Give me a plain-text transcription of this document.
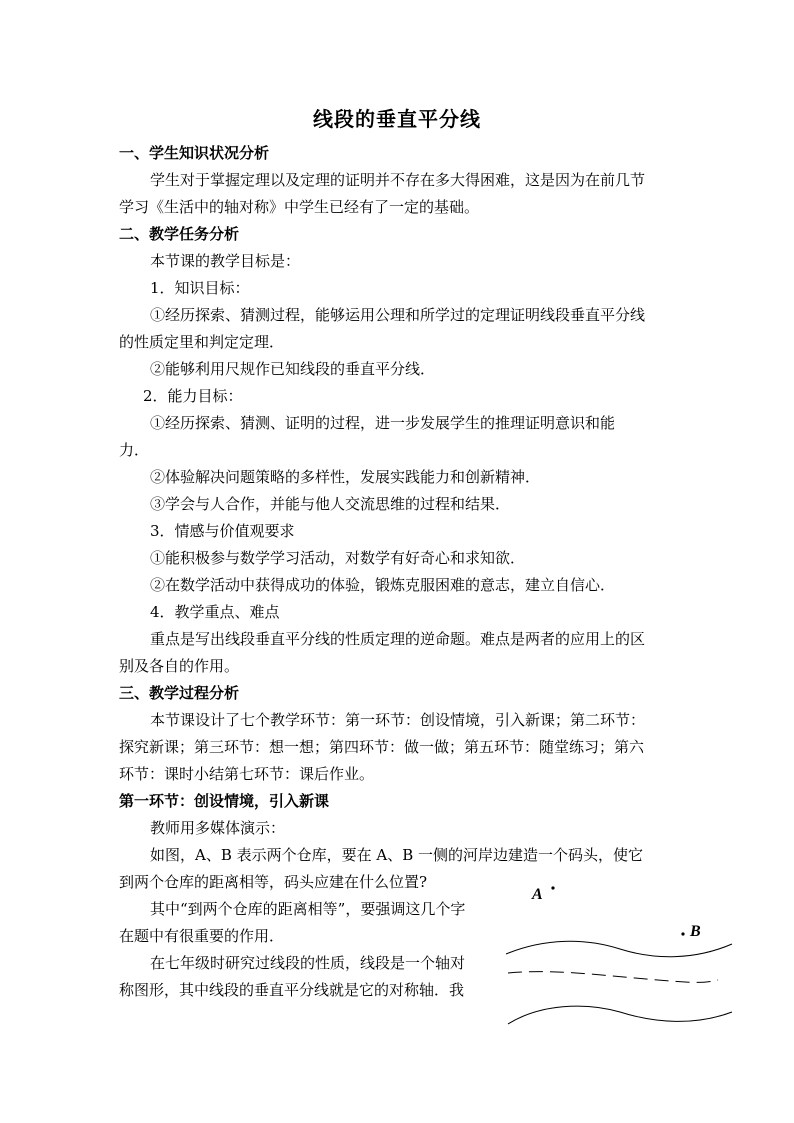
线段的垂直平分线
一、学生知识状况分析
学生对于掌握定理以及定理的证明并不存在多大得困难，这是因为在前几节
学习《生活中的轴对称》中学生已经有了一定的基础。
二、教学任务分析
本节课的教学目标是：
1．知识目标：
①经历探索、猜测过程，能够运用公理和所学过的定理证明线段垂直平分线
的性质定里和判定定理．
②能够利用尺规作已知线段的垂直平分线．
2．能力目标：
①经历探索、猜测、证明的过程，进一步发展学生的推理证明意识和能
力．
②体验解决问题策略的多样性，发展实践能力和创新精神．
③学会与人合作，并能与他人交流思维的过程和结果．
3．情感与价值观要求
①能积极参与数学学习活动，对数学有好奇心和求知欲．
②在数学活动中获得成功的体验，锻炼克服困难的意志，建立自信心．
4．教学重点、难点
重点是写出线段垂直平分线的性质定理的逆命题。难点是两者的应用上的区
别及各自的作用。
三、教学过程分析
本节课设计了七个教学环节：第一环节：创设情境，引入新课；第二环节：
探究新课；第三环节：想一想；第四环节：做一做；第五环节：随堂练习；第六
环节：课时小结第七环节：课后作业。
第一环节：创设情境，引入新课
教师用多媒体演示：
如图，A、B 表示两个仓库，要在 A、B 一侧的河岸边建造一个码头，使它
到两个仓库的距离相等，码头应建在什么位置?
其中“到两个仓库的距离相等”，要强调这几个字
在题中有很重要的作用．
在七年级时研究过线段的性质，线段是一个轴对
称图形，其中线段的垂直平分线就是它的对称轴．我
A
B
